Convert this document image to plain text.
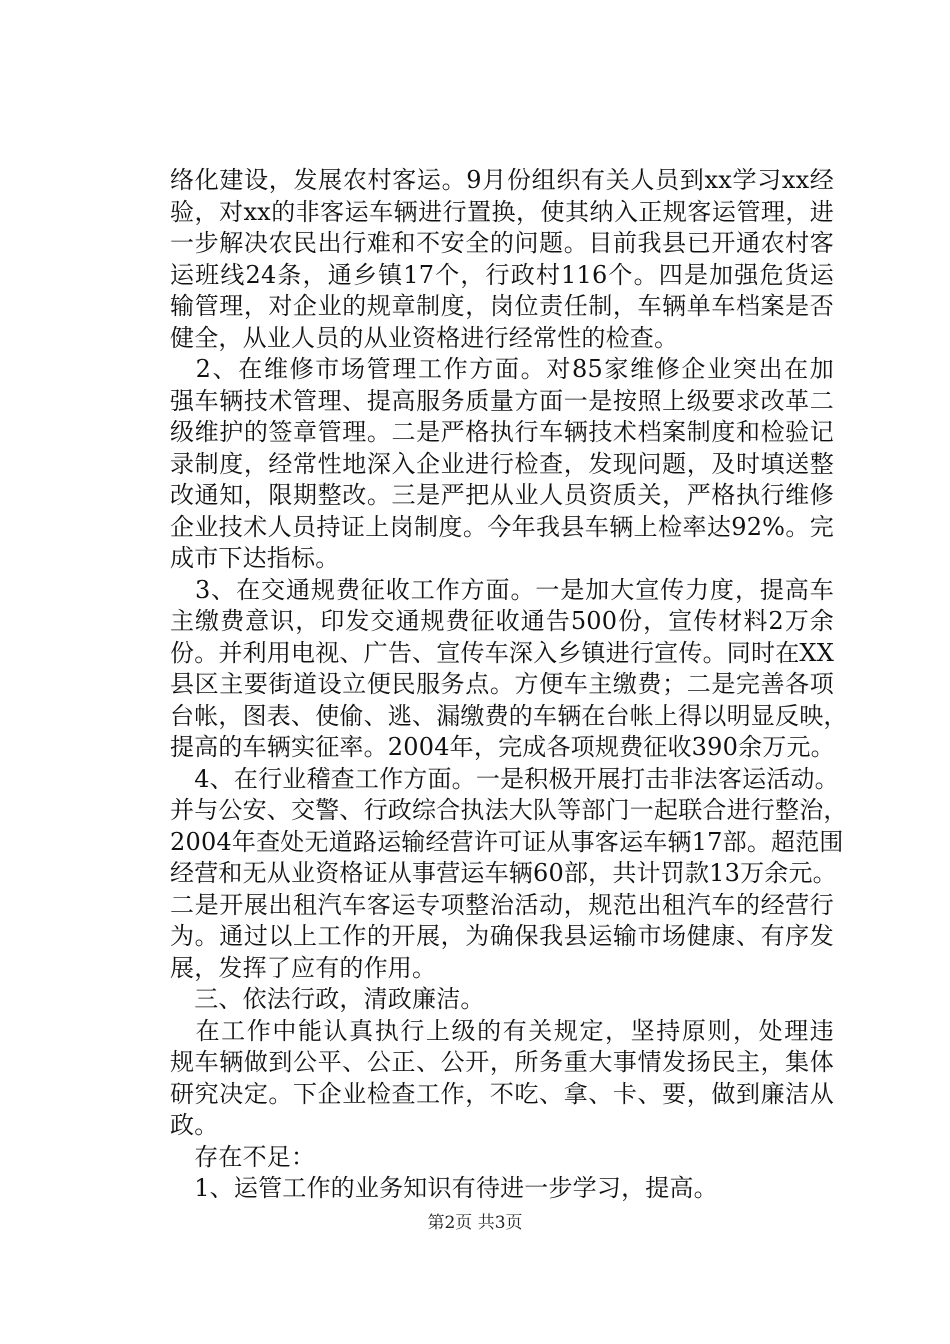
络化建设，发展农村客运。9月份组织有关人员到xx学习xx经
验，对xx的非客运车辆进行置换，使其纳入正规客运管理，进
一步解决农民出行难和不安全的问题。目前我县已开通农村客
运班线24条，通乡镇17个，行政村116个。四是加强危货运
输管理，对企业的规章制度，岗位责任制，车辆单车档案是否
健全，从业人员的从业资格进行经常性的检查。
　2、在维修市场管理工作方面。对85家维修企业突出在加
强车辆技术管理、提高服务质量方面一是按照上级要求改革二
级维护的签章管理。二是严格执行车辆技术档案制度和检验记
录制度，经常性地深入企业进行检查，发现问题，及时填送整
改通知，限期整改。三是严把从业人员资质关，严格执行维修
企业技术人员持证上岗制度。今年我县车辆上检率达92%。完
成市下达指标。
　3、在交通规费征收工作方面。一是加大宣传力度，提高车
主缴费意识，印发交通规费征收通告500份，宣传材料2万余
份。并利用电视、广告、宣传车深入乡镇进行宣传。同时在XX
县区主要街道设立便民服务点。方便车主缴费；二是完善各项
台帐，图表、使偷、逃、漏缴费的车辆在台帐上得以明显反映，
提高的车辆实征率。2004年，完成各项规费征收390余万元。
　4、在行业稽查工作方面。一是积极开展打击非法客运活动。
并与公安、交警、行政综合执法大队等部门一起联合进行整治，
2004年查处无道路运输经营许可证从事客运车辆17部。超范围
经营和无从业资格证从事营运车辆60部，共计罚款13万余元。
二是开展出租汽车客运专项整治活动，规范出租汽车的经营行
为。通过以上工作的开展，为确保我县运输市场健康、有序发
展，发挥了应有的作用。
　三、依法行政，清政廉洁。
　在工作中能认真执行上级的有关规定，坚持原则，处理违
规车辆做到公平、公正、公开，所务重大事情发扬民主，集体
研究决定。下企业检查工作，不吃、拿、卡、要，做到廉洁从
政。
　存在不足：
　1、运管工作的业务知识有待进一步学习，提高。
第2页 共3页
